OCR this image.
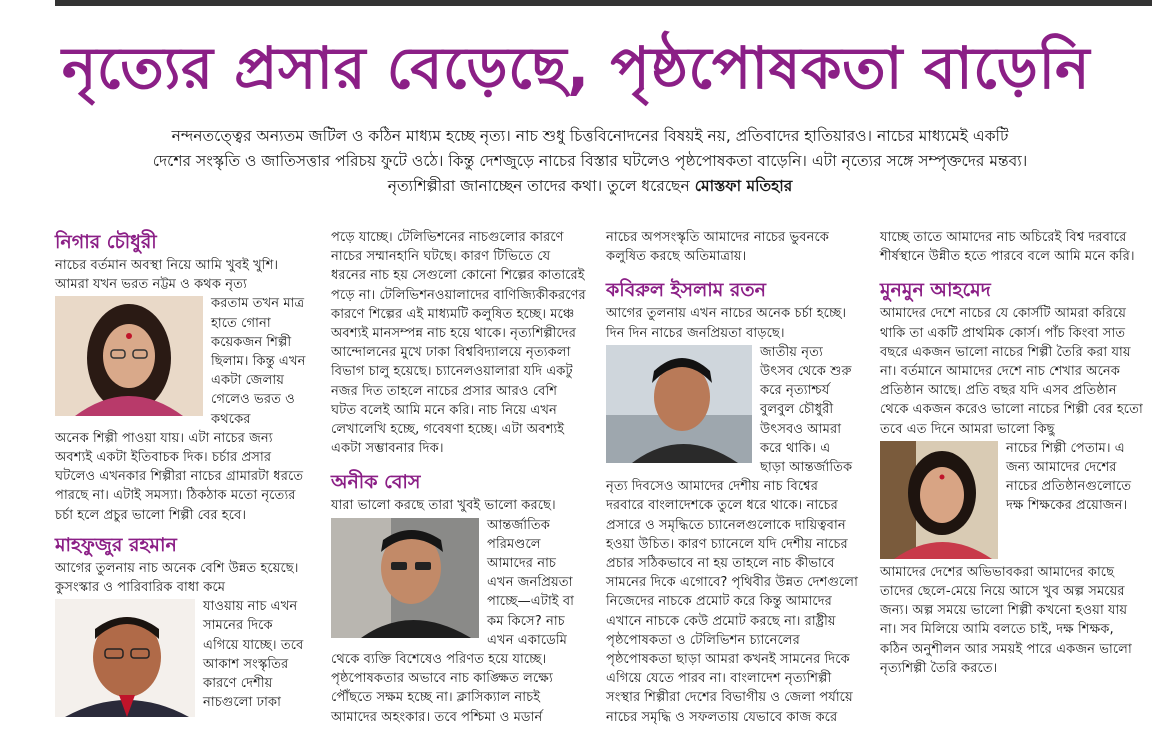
নৃত্যের প্রসার বেড়েছে, পৃষ্ঠপোষকতা বাড়েনি
নন্দনতত্ত্বের অন্যতম জটিল ও কঠিন মাধ্যম হচ্ছে নৃত্য। নাচ শুধু চিত্তবিনোদনের বিষয়ই নয়, প্রতিবাদের হাতিয়ারও। নাচের মাধ্যমেই একটি দেশের সংস্কৃতি ও জাতিসত্তার পরিচয় ফুটে ওঠে। কিন্তু দেশজুড়ে নাচের বিস্তার ঘটলেও পৃষ্ঠপোষকতা বাড়েনি। এটা নৃত্যের সঙ্গে সম্পৃক্তদের মন্তব্য। নৃত্যশিল্পীরা জানাচ্ছেন তাদের কথা। তুলে ধরেছেন মোস্তফা মতিহার
নিগার চৌধুরী

নাচের বর্তমান অবস্থা নিয়ে আমি খুবই খুশি। আমরা যখন ভরত নট্টম ও কথক নৃত্য

করতাম তখন মাত্র হাতে গোনা কয়েকজন শিল্পী ছিলাম। কিন্তু এখন একটা জেলায় গেলেও ভরত ও কথকের

অনেক শিল্পী পাওয়া যায়। এটা নাচের জন্য অবশ্যই একটা ইতিবাচক দিক। চর্চার প্রসার ঘটলেও এখনকার শিল্পীরা নাচের গ্রামারটা ধরতে পারছে না। এটাই সমস্যা। ঠিকঠাক মতো নৃত্যের চর্চা হলে প্রচুর ভালো শিল্পী বের হবে।

মাহফুজুর রহমান

আগের তুলনায় নাচ অনেক বেশি উন্নত হয়েছে। কুসংস্কার ও পারিবারিক বাধা কমে

যাওয়ায় নাচ এখন সামনের দিকে এগিয়ে যাচ্ছে। তবে আকাশ সংস্কৃতির কারণে দেশীয় নাচগুলো ঢাকা

পড়ে যাচ্ছে। টেলিভিশনের নাচগুলোর কারণে নাচের সম্মানহানি ঘটছে। কারণ টিভিতে যে ধরনের নাচ হয় সেগুলো কোনো শিল্পের কাতারেই পড়ে না। টেলিভিশনওয়ালাদের বাণিজ্যিকীকরণের কারণে শিল্পের এই মাধ্যমটি কলুষিত হচ্ছে। মঞ্চে অবশ্যই মানসম্পন্ন নাচ হয়ে থাকে। নৃত্যশিল্পীদের আন্দোলনের মুখে ঢাকা বিশ্ববিদ্যালয়ে নৃত্যকলা বিভাগ চালু হয়েছে। চ্যানেলওয়ালারা যদি একটু নজর দিত তাহলে নাচের প্রসার আরও বেশি ঘটত বলেই আমি মনে করি। নাচ নিয়ে এখন লেখালেখি হচ্ছে, গবেষণা হচ্ছে। এটা অবশ্যই একটা সম্ভাবনার দিক।

অনীক বোস

যারা ভালো করছে তারা খুবই ভালো করছে।

আন্তর্জাতিক পরিমণ্ডলে আমাদের নাচ এখন জনপ্রিয়তা পাচ্ছে—এটাই বা কম কিসে? নাচ এখন একাডেমি

থেকে ব্যক্তি বিশেষেও পরিণত হয়ে যাচ্ছে। পৃষ্ঠপোষকতার অভাবে নাচ কাঙ্ক্ষিত লক্ষ্যে পৌঁছতে সক্ষম হচ্ছে না। ক্লাসিক্যাল নাচই আমাদের অহংকার। তবে পশ্চিমা ও মডার্ন

নাচের অপসংস্কৃতি আমাদের নাচের ভুবনকে কলুষিত করছে অতিমাত্রায়।

কবিরুল ইসলাম রতন

আগের তুলনায় এখন নাচের অনেক চর্চা হচ্ছে। দিন দিন নাচের জনপ্রিয়তা বাড়ছে।

জাতীয় নৃত্য উৎসব থেকে শুরু করে নৃত্যাশ্চর্য বুলবুল চৌধুরী উৎসবও আমরা করে থাকি। এ ছাড়া আন্তর্জাতিক

নৃত্য দিবসেও আমাদের দেশীয় নাচ বিশ্বের দরবারে বাংলাদেশকে তুলে ধরে থাকে। নাচের প্রসারে ও সমৃদ্ধিতে চ্যানেলগুলোকে দায়িত্ববান হওয়া উচিত। কারণ চ্যানেলে যদি দেশীয় নাচের প্রচার সঠিকভাবে না হয় তাহলে নাচ কীভাবে সামনের দিকে এগোবে? পৃথিবীর উন্নত দেশগুলো নিজেদের নাচকে প্রমোট করে কিন্তু আমাদের এখানে নাচকে কেউ প্রমোট করছে না। রাষ্ট্রীয় পৃষ্ঠপোষকতা ও টেলিভিশন চ্যানেলের পৃষ্ঠপোষকতা ছাড়া আমরা কখনই সামনের দিকে এগিয়ে যেতে পারব না। বাংলাদেশ নৃত্যশিল্পী সংস্থার শিল্পীরা দেশের বিভাগীয় ও জেলা পর্যায়ে নাচের সমৃদ্ধি ও সফলতায় যেভাবে কাজ করে

যাচ্ছে তাতে আমাদের নাচ অচিরেই বিশ্ব দরবারে শীর্ষস্থানে উন্নীত হতে পারবে বলে আমি মনে করি।

মুনমুন আহমেদ

আমাদের দেশে নাচের যে কোর্সটি আমরা করিয়ে থাকি তা একটি প্রাথমিক কোর্স। পাঁচ কিংবা সাত বছরে একজন ভালো নাচের শিল্পী তৈরি করা যায় না। বর্তমানে আমাদের দেশে নাচ শেখার অনেক প্রতিষ্ঠান আছে। প্রতি বছর যদি এসব প্রতিষ্ঠান থেকে একজন করেও ভালো নাচের শিল্পী বের হতো তবে এত দিনে আমরা ভালো কিছু

নাচের শিল্পী পেতাম। এ জন্য আমাদের দেশের নাচের প্রতিষ্ঠানগুলোতে দক্ষ শিক্ষকের প্রয়োজন।

আমাদের দেশের অভিভাবকরা আমাদের কাছে তাদের ছেলে-মেয়ে নিয়ে আসে খুব অল্প সময়ের জন্য। অল্প সময়ে ভালো শিল্পী কখনো হওয়া যায় না। সব মিলিয়ে আমি বলতে চাই, দক্ষ শিক্ষক, কঠিন অনুশীলন আর সময়ই পারে একজন ভালো নৃত্যশিল্পী তৈরি করতে।
